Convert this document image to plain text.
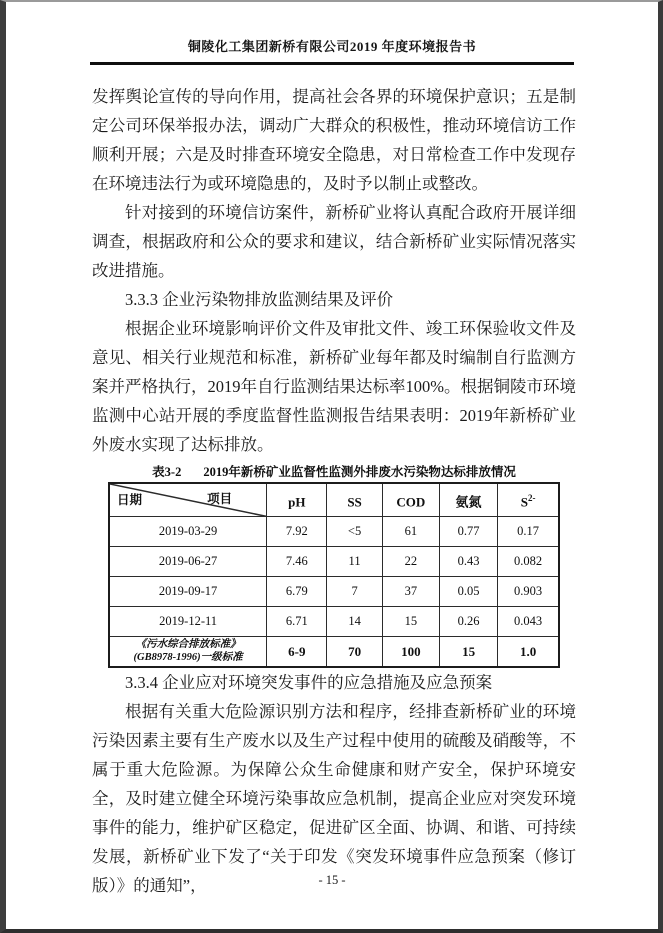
铜陵化工集团新桥有限公司2019 年度环境报告书

发挥舆论宣传的导向作用，提高社会各界的环境保护意识；五是制定公司环保举报办法，调动广大群众的积极性，推动环境信访工作顺利开展；六是及时排查环境安全隐患，对日常检查工作中发现存在环境违法行为或环境隐患的，及时予以制止或整改。

针对接到的环境信访案件，新桥矿业将认真配合政府开展详细调查，根据政府和公众的要求和建议，结合新桥矿业实际情况落实改进措施。

3.3.3 企业污染物排放监测结果及评价

根据企业环境影响评价文件及审批文件、竣工环保验收文件及意见、相关行业规范和标准，新桥矿业每年都及时编制自行监测方案并严格执行，2019年自行监测结果达标率100%。根据铜陵市环境监测中心站开展的季度监督性监测报告结果表明：2019年新桥矿业外废水实现了达标排放。

表3-2 2019年新桥矿业监督性监测外排废水污染物达标排放情况
项目
日期	pH	SS	COD	氨氮	$S^{2-}$
2019-03-29	7.92	<5	61	0.77	0.17
2019-06-27	7.46	11	22	0.43	0.082
2019-09-17	6.79	7	37	0.05	0.903
2019-12-11	6.71	14	15	0.26	0.043

《污水综合排放标准》
(GB8978-1996)一级标准	6-9	70	100	15	1.0

3.3.4 企业应对环境突发事件的应急措施及应急预案

根据有关重大危险源识别方法和程序，经排查新桥矿业的环境污染因素主要有生产废水以及生产过程中使用的硫酸及硝酸等，不属于重大危险源。为保障公众生命健康和财产安全，保护环境安全，及时建立健全环境污染事故应急机制，提高企业应对突发环境事件的能力，维护矿区稳定，促进矿区全面、协调、和谐、可持续发展，新桥矿业下发了“关于印发《突发环境事件应急预案（修订版）》的通知”，	- 15 -
